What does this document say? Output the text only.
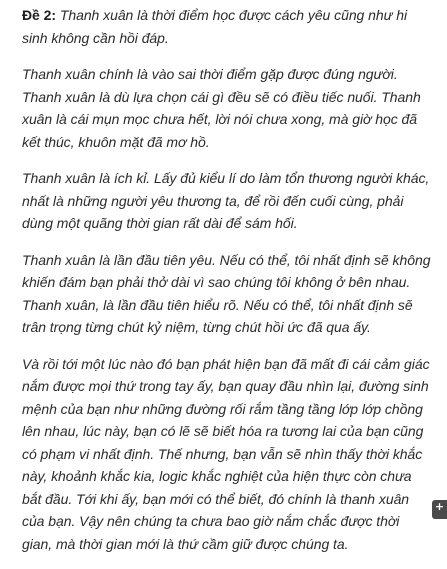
Đề 2: Thanh xuân là thời điểm học được cách yêu cũng như hi sinh không cần hồi đáp.

Thanh xuân chính là vào sai thời điểm gặp được đúng người. Thanh xuân là dù lựa chọn cái gì đều sẽ có điều tiếc nuối. Thanh xuân là cái mụn mọc chưa hết, lời nói chưa xong, mà giờ học đã kết thúc, khuôn mặt đã mơ hồ.

Thanh xuân là ích kỉ. Lấy đủ kiểu lí do làm tổn thương người khác, nhất là những người yêu thương ta, để rồi đến cuối cùng, phải dùng một quãng thời gian rất dài để sám hối.

Thanh xuân là lần đầu tiên yêu. Nếu có thể, tôi nhất định sẽ không khiến đám bạn phải thở dài vì sao chúng tôi không ở bên nhau. Thanh xuân, là lần đầu tiên hiểu rõ. Nếu có thể, tôi nhất định sẽ trân trọng từng chút kỷ niệm, từng chút hồi ức đã qua ấy.

Và rồi tới một lúc nào đó bạn phát hiện bạn đã mất đi cái cảm giác nắm được mọi thứ trong tay ấy, bạn quay đầu nhìn lại, đường sinh mệnh của bạn như những đường rối rắm tầng tầng lớp lớp chồng lên nhau, lúc này, bạn có lẽ sẽ biết hóa ra tương lai của bạn cũng có phạm vi nhất định. Thế nhưng, bạn vẫn sẽ nhìn thấy thời khắc này, khoảnh khắc kia, logic khắc nghiệt của hiện thực còn chưa bắt đầu. Tới khi ấy, bạn mới có thể biết, đó chính là thanh xuân của bạn. Vậy nên chúng ta chưa bao giờ nắm chắc được thời gian, mà thời gian mới là thứ cầm giữ được chúng ta.

+
